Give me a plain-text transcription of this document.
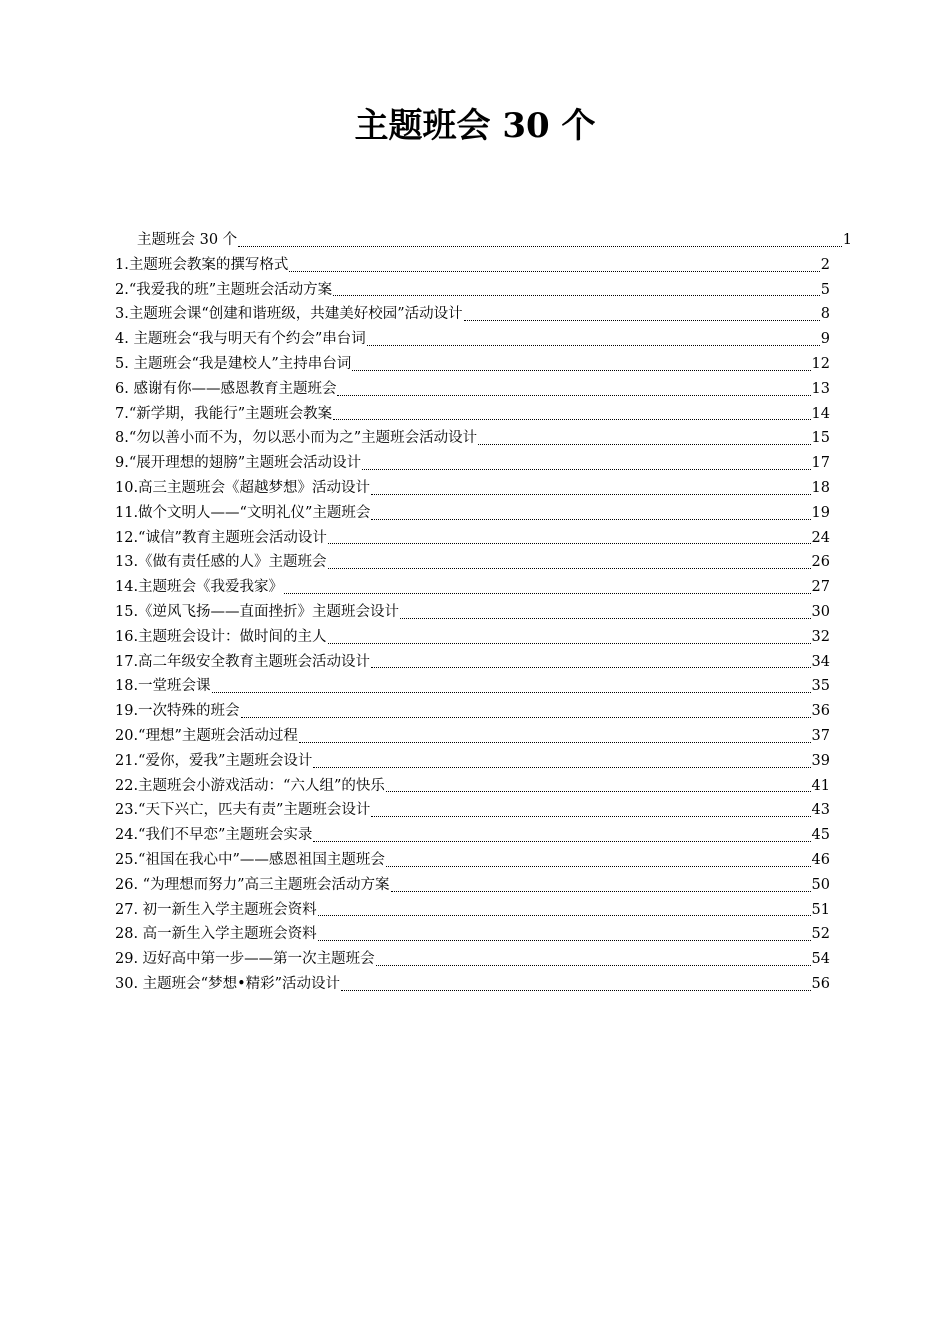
主题班会 30 个
主题班会 30 个	1
1.主题班会教案的撰写格式	2
2.“我爱我的班”主题班会活动方案	5
3.主题班会课“创建和谐班级，共建美好校园”活动设计	8
4. 主题班会“我与明天有个约会”串台词	9
5. 主题班会“我是建校人”主持串台词	12
6. 感谢有你——感恩教育主题班会	13
7.“新学期，我能行”主题班会教案	14
8.“勿以善小而不为，勿以恶小而为之”主题班会活动设计	15
9.“展开理想的翅膀”主题班会活动设计	17
10.高三主题班会《超越梦想》活动设计	18
11.做个文明人——“文明礼仪”主题班会	19
12.“诚信”教育主题班会活动设计	24
13.《做有责任感的人》主题班会	26
14.主题班会《我爱我家》	27
15.《逆风飞扬——直面挫折》主题班会设计	30
16.主题班会设计：做时间的主人	32
17.高二年级安全教育主题班会活动设计	34
18.一堂班会课	35
19.一次特殊的班会	36
20.“理想”主题班会活动过程	37
21.“爱你，爱我”主题班会设计	39
22.主题班会小游戏活动：“六人组”的快乐	41
23.“天下兴亡，匹夫有责”主题班会设计	43
24.“我们不早恋”主题班会实录	45
25.“祖国在我心中”——感恩祖国主题班会	46
26. “为理想而努力”高三主题班会活动方案	50
27. 初一新生入学主题班会资料	51
28. 高一新生入学主题班会资料	52
29. 迈好高中第一步——第一次主题班会	54
30. 主题班会“梦想•精彩”活动设计	56
